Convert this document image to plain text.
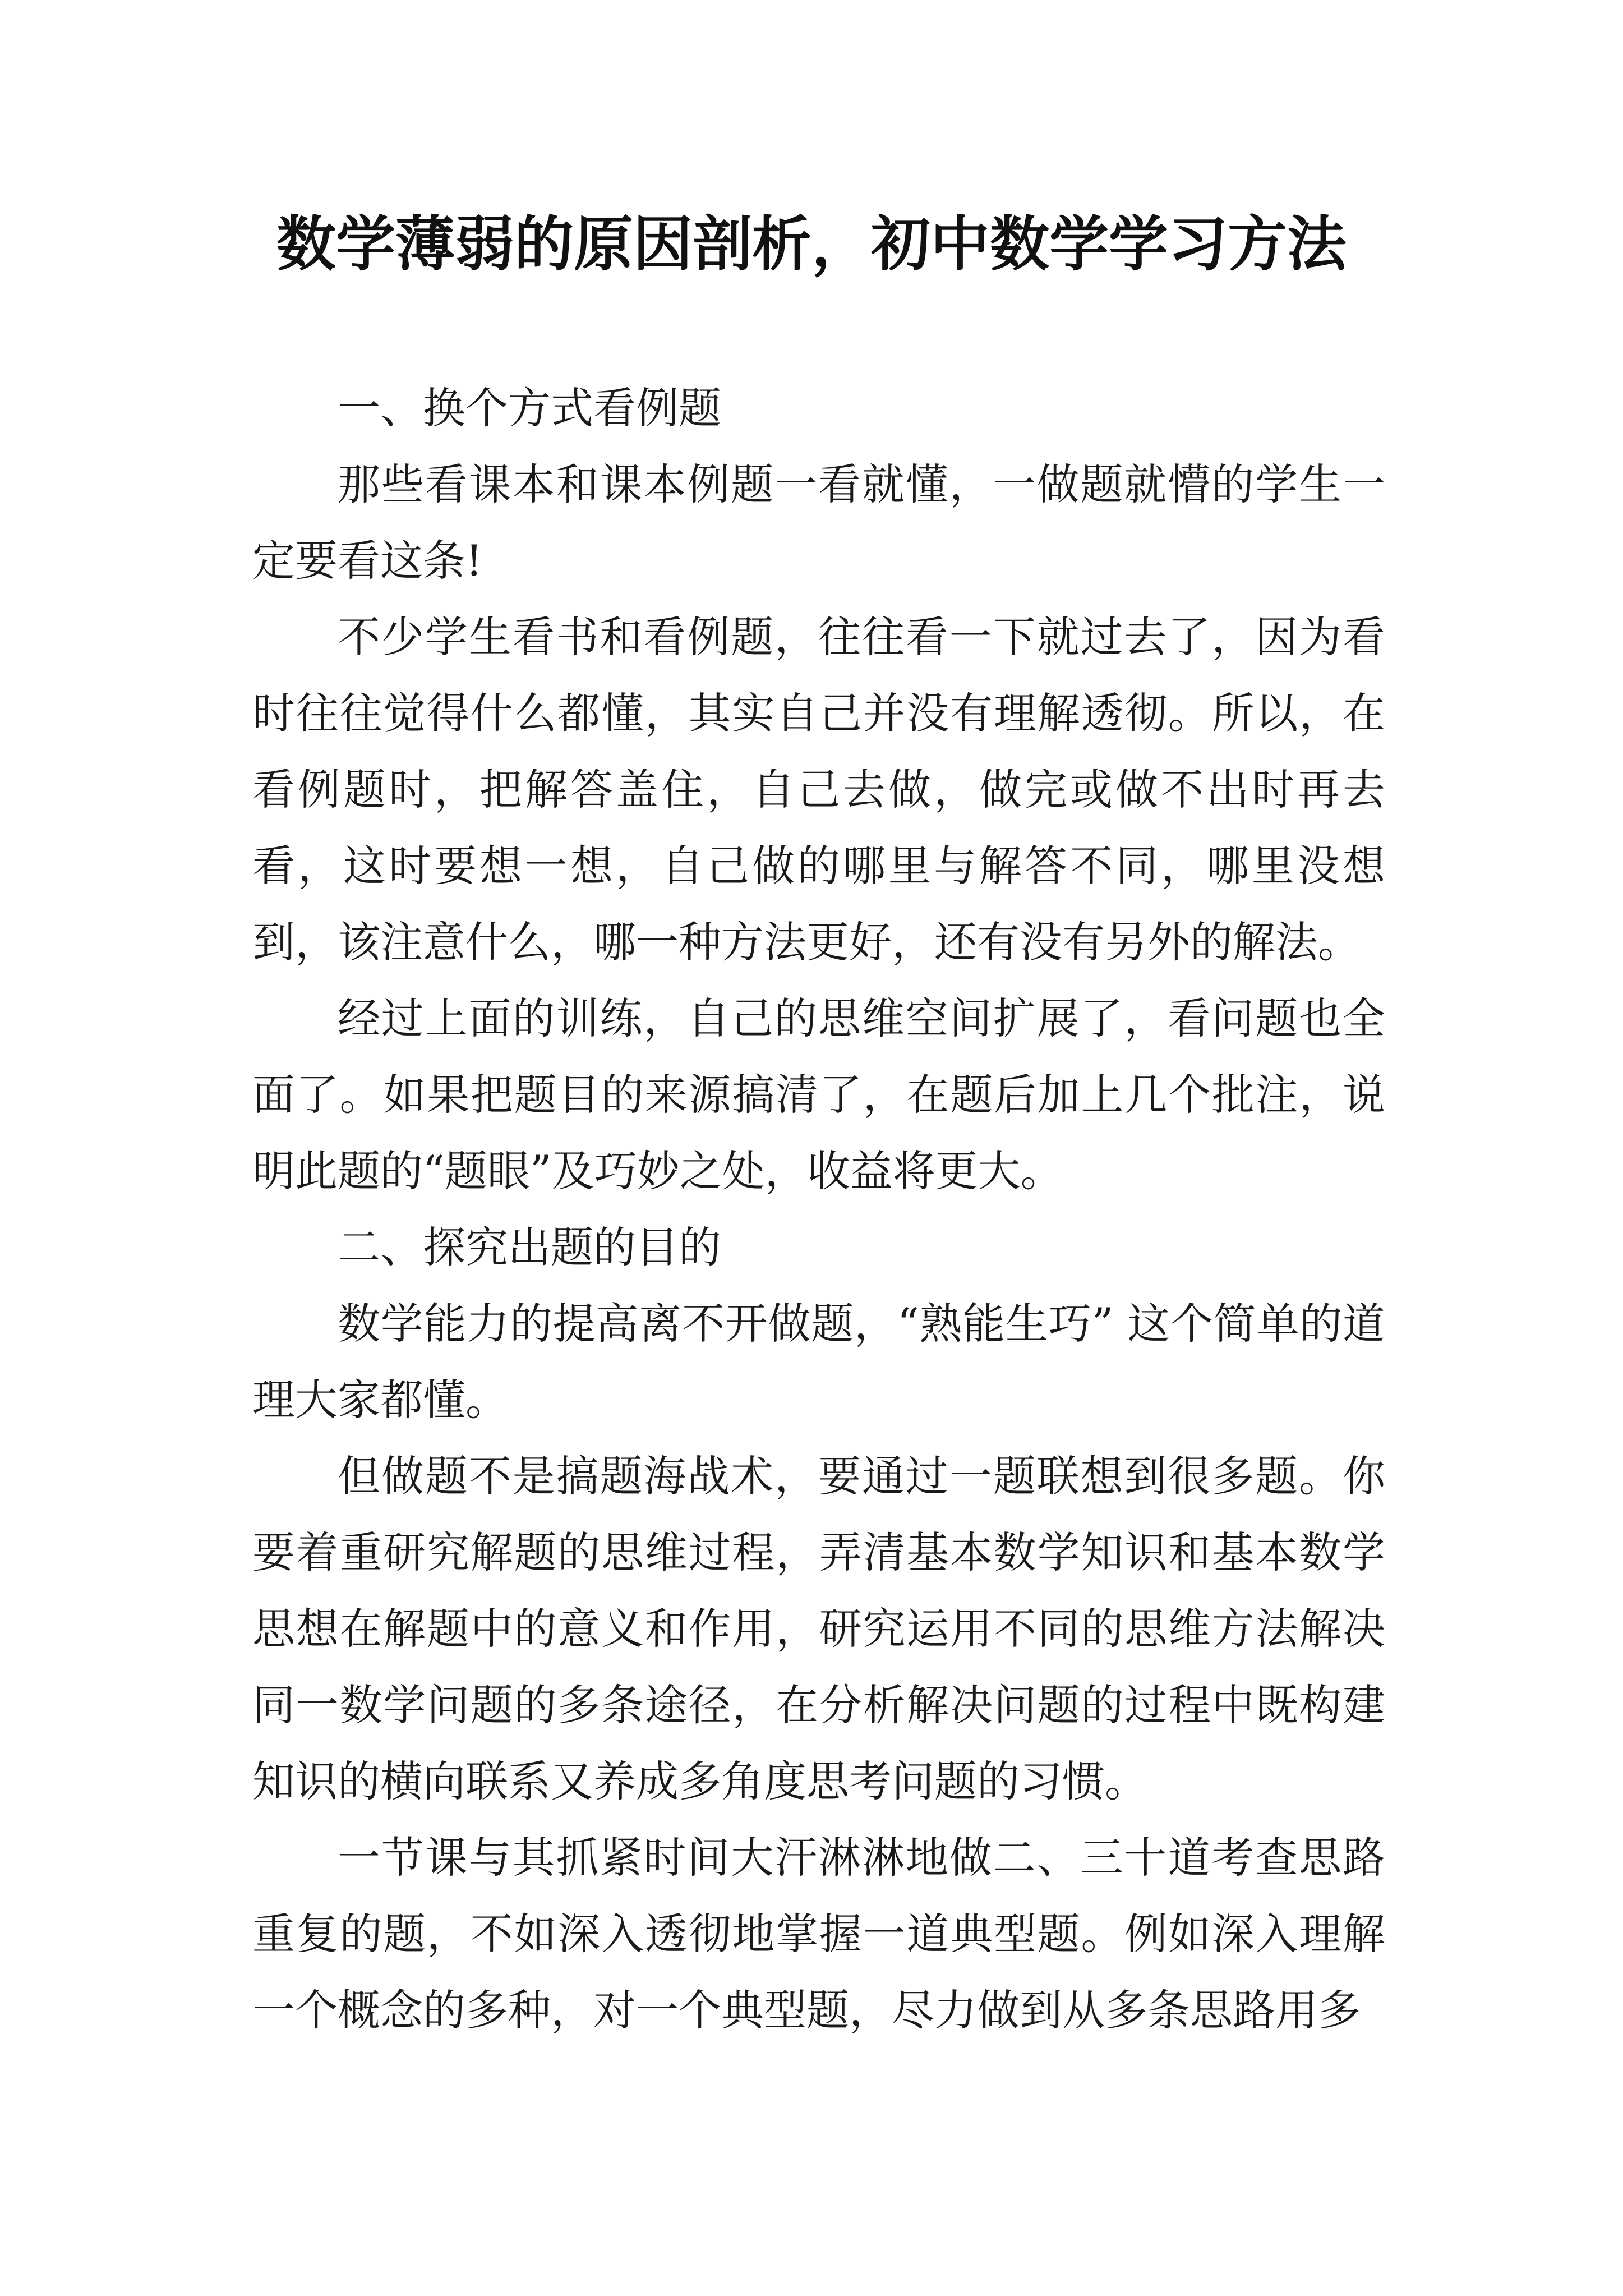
数学薄弱的原因剖析，初中数学学习方法

一、换个方式看例题

那些看课本和课本例题一看就懂，一做题就懵的学生一定要看这条!

不少学生看书和看例题，往往看一下就过去了，因为看时往往觉得什么都懂，其实自己并没有理解透彻。所以，在看例题时，把解答盖住，自己去做，做完或做不出时再去看，这时要想一想，自己做的哪里与解答不同，哪里没想到，该注意什么，哪一种方法更好，还有没有另外的解法。

经过上面的训练，自己的思维空间扩展了，看问题也全面了。如果把题目的来源搞清了，在题后加上几个批注，说明此题的“题眼”及巧妙之处，收益将更大。

二、探究出题的目的

数学能力的提高离不开做题，“熟能生巧” 这个简单的道理大家都懂。

但做题不是搞题海战术，要通过一题联想到很多题。你要着重研究解题的思维过程，弄清基本数学知识和基本数学思想在解题中的意义和作用，研究运用不同的思维方法解决同一数学问题的多条途径，在分析解决问题的过程中既构建知识的横向联系又养成多角度思考问题的习惯。

一节课与其抓紧时间大汗淋淋地做二、三十道考查思路重复的题，不如深入透彻地掌握一道典型题。例如深入理解一个概念的多种，对一个典型题，尽力做到从多条思路用多
